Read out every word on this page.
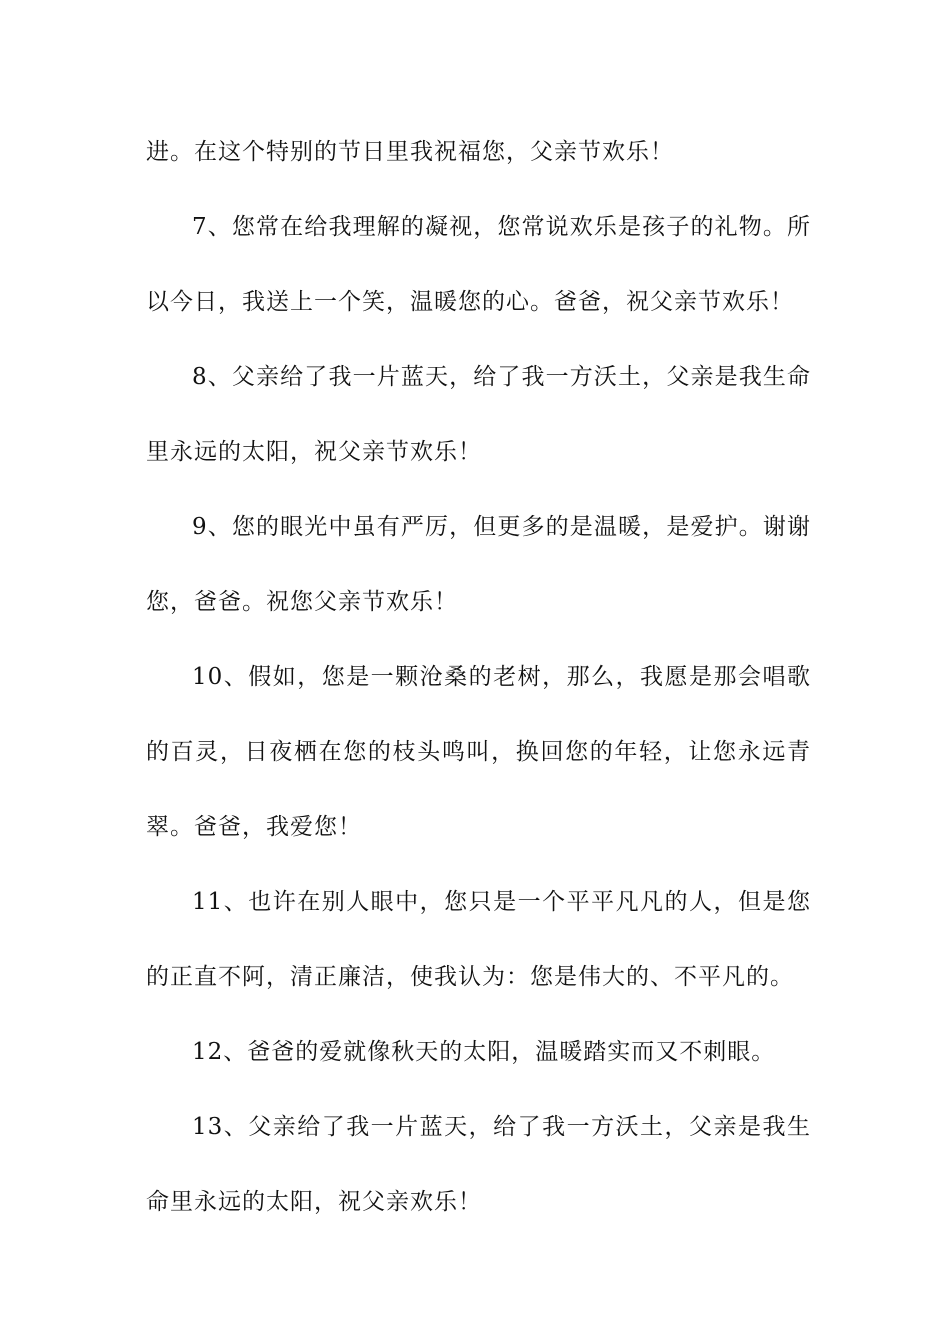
进。在这个特别的节日里我祝福您，父亲节欢乐！

7、您常在给我理解的凝视，您常说欢乐是孩子的礼物。所以今日，我送上一个笑，温暖您的心。爸爸，祝父亲节欢乐！

8、父亲给了我一片蓝天，给了我一方沃土，父亲是我生命里永远的太阳，祝父亲节欢乐！

9、您的眼光中虽有严厉，但更多的是温暖，是爱护。谢谢您，爸爸。祝您父亲节欢乐！

10、假如，您是一颗沧桑的老树，那么，我愿是那会唱歌的百灵，日夜栖在您的枝头鸣叫，换回您的年轻，让您永远青翠。爸爸，我爱您！

11、也许在别人眼中，您只是一个平平凡凡的人，但是您的正直不阿，清正廉洁，使我认为：您是伟大的、不平凡的。

12、爸爸的爱就像秋天的太阳，温暖踏实而又不刺眼。

13、父亲给了我一片蓝天，给了我一方沃土，父亲是我生命里永远的太阳，祝父亲欢乐！
